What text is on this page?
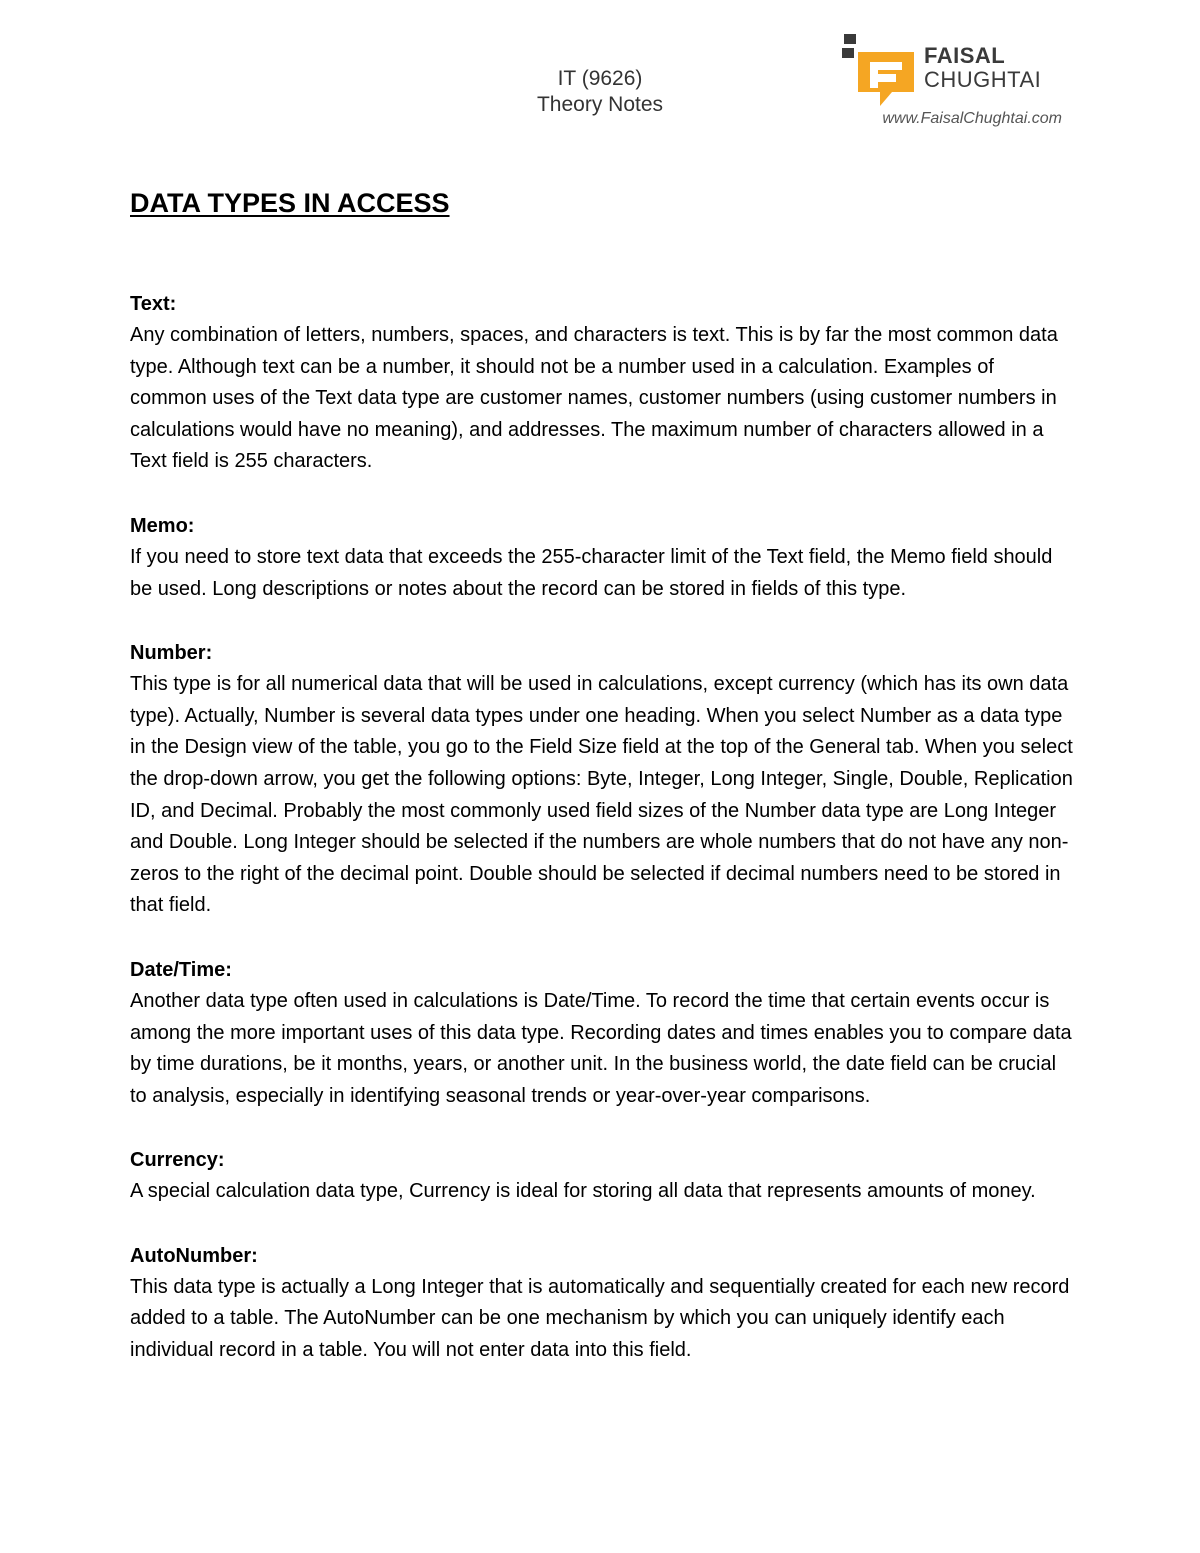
IT (9626)
Theory Notes
FAISAL
CHUGHTAI
www.FaisalChughtai.com
DATA TYPES IN ACCESS

Text:

Any combination of letters, numbers, spaces, and characters is text. This is by far the most common data type. Although text can be a number, it should not be a number used in a calculation. Examples of common uses of the Text data type are customer names, customer numbers (using customer numbers in calculations would have no meaning), and addresses. The maximum number of characters allowed in a Text field is 255 characters.

Memo:

If you need to store text data that exceeds the 255-character limit of the Text field, the Memo field should be used. Long descriptions or notes about the record can be stored in fields of this type.

Number:

This type is for all numerical data that will be used in calculations, except currency (which has its own data type). Actually, Number is several data types under one heading. When you select Number as a data type in the Design view of the table, you go to the Field Size field at the top of the General tab. When you select the drop-down arrow, you get the following options: Byte, Integer, Long Integer, Single, Double, Replication ID, and Decimal. Probably the most commonly used field sizes of the Number data type are Long Integer and Double. Long Integer should be selected if the numbers are whole numbers that do not have any non-zeros to the right of the decimal point. Double should be selected if decimal numbers need to be stored in that field.

Date/Time:

Another data type often used in calculations is Date/Time. To record the time that certain events occur is among the more important uses of this data type. Recording dates and times enables you to compare data by time durations, be it months, years, or another unit. In the business world, the date field can be crucial to analysis, especially in identifying seasonal trends or year-over-year comparisons.

Currency:

A special calculation data type, Currency is ideal for storing all data that represents amounts of money.

AutoNumber:

This data type is actually a Long Integer that is automatically and sequentially created for each new record added to a table. The AutoNumber can be one mechanism by which you can uniquely identify each individual record in a table. You will not enter data into this field.
